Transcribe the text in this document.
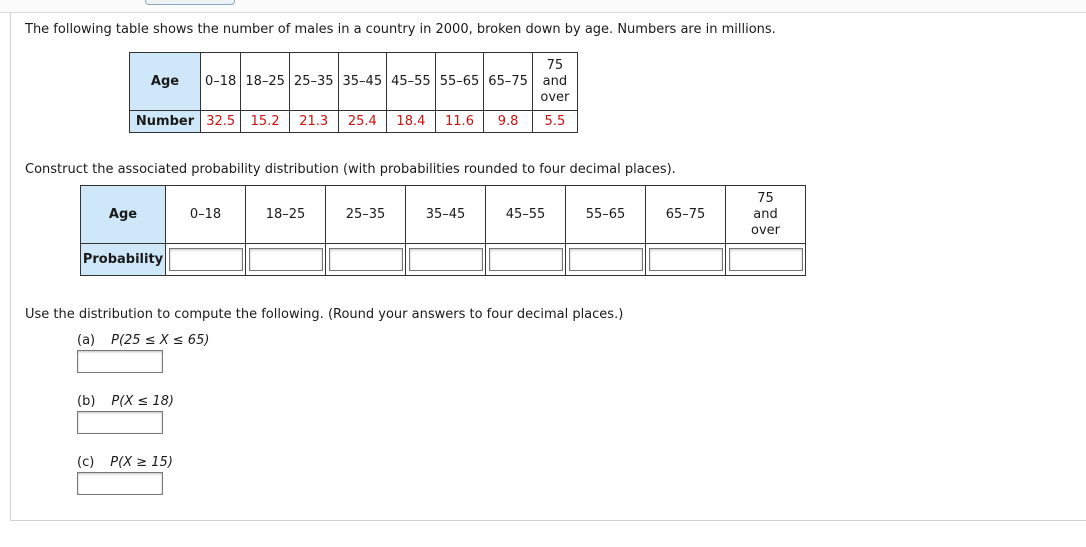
The following table shows the number of males in a country in 2000, broken down by age. Numbers are in millions.
Age	0–18	18–25	25–35	35–45	45–55	55–65	65–75	75
and
over
Number	32.5	15.2	21.3	25.4	18.4	11.6	9.8	5.5
Construct the associated probability distribution (with probabilities rounded to four decimal places).
Age	0–18	18–25	25–35	35–45	45–55	55–65	65–75	75
and
over
Probability	

Use the distribution to compute the following. (Round your answers to four decimal places.)
(a) P(25 ≤ X ≤ 65)
(b) P(X ≤ 18)
(c) P(X ≥ 15)
